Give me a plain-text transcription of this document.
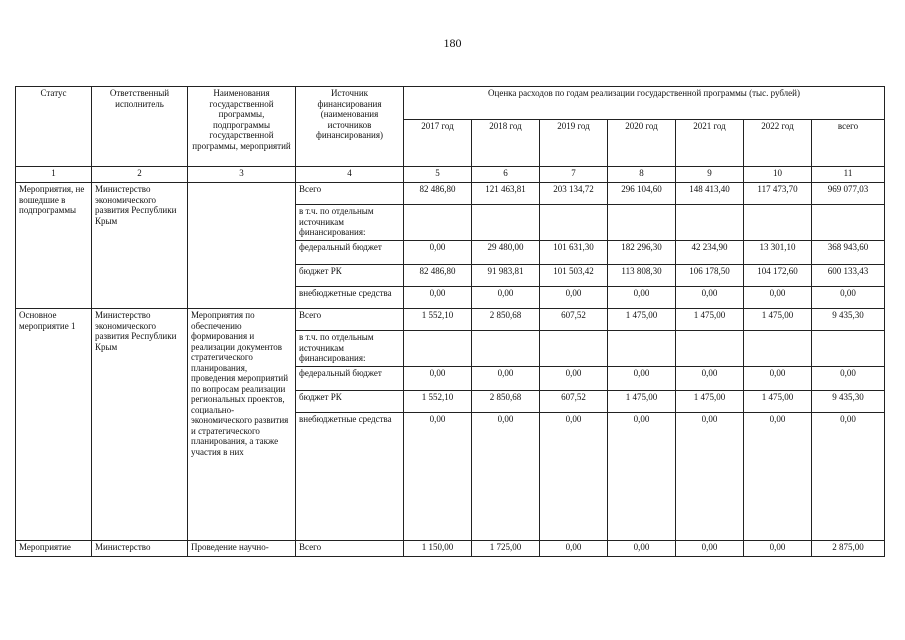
180
Статус	Ответственный исполнитель	Наименования государственной программы, подпрограммы государственной программы, мероприятий	Источник финансирования (наименования источников финансирования)	Оценка расходов по годам реализации государственной программы (тыс. рублей)						
				2017 год	2018 год	2019 год	2020 год	2021 год	2022 год	всего
1	2	3	4	5	6	7	8	9	10	11
Мероприятия, не вошедшие в подпрограммы	Министерство экономического развития Республики Крым		Всего	82 486,80	121 463,81	203 134,72	296 104,60	148 413,40	117 473,70	969 077,03
			в т.ч. по отдельным источникам финансирования:							
			федеральный бюджет	0,00	29 480,00	101 631,30	182 296,30	42 234,90	13 301,10	368 943,60
			бюджет РК	82 486,80	91 983,81	101 503,42	113 808,30	106 178,50	104 172,60	600 133,43
			внебюджетные средства	0,00	0,00	0,00	0,00	0,00	0,00	0,00
Основное мероприятие 1	Министерство экономического развития Республики Крым	Мероприятия по обеспечению формирования и реализации документов стратегического планирования, проведения мероприятий по вопросам реализации региональных проектов, социально-экономического развития и стратегического планирования, а также участия в них	Всего	1 552,10	2 850,68	607,52	1 475,00	1 475,00	1 475,00	9 435,30
			в т.ч. по отдельным источникам финансирования:							
			федеральный бюджет	0,00	0,00	0,00	0,00	0,00	0,00	0,00
			бюджет РК	1 552,10	2 850,68	607,52	1 475,00	1 475,00	1 475,00	9 435,30
			внебюджетные средства	0,00	0,00	0,00	0,00	0,00	0,00	0,00
Мероприятие	Министерство	Проведение научно-	Всего	1 150,00	1 725,00	0,00	0,00	0,00	0,00	2 875,00
